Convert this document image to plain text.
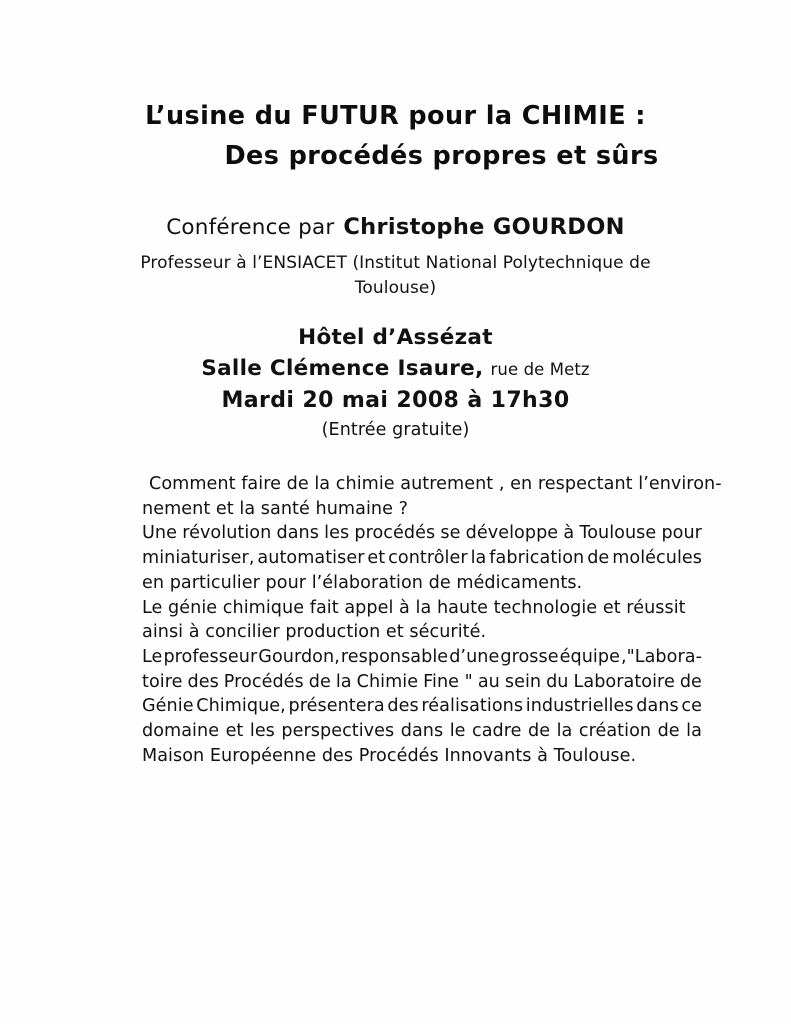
L’usine du FUTUR pour la CHIMIE :
Des procédés propres et sûrs
Conférence par Christophe GOURDON
Professeur à l’ENSIACET (Institut National Polytechnique de
Toulouse)
Hôtel d’Assézat
Salle Clémence Isaure, rue de Metz
Mardi 20 mai 2008 à 17h30
(Entrée gratuite)
Comment faire de la chimie autrement , en respectant l’environ-
nement et la santé humaine ?
Une révolution dans les procédés se développe à Toulouse pour
miniaturiser, automatiser et contrôler la fabrication de molécules
en particulier pour l’élaboration de médicaments.
Le génie chimique fait appel à la haute technologie et réussit
ainsi à concilier production et sécurité.
Le professeur Gourdon, responsable d’une grosse équipe ,"Labora-
toire des Procédés de la Chimie Fine " au sein du Laboratoire de
Génie Chimique, présentera des réalisations industrielles dans ce
domaine et les perspectives dans le cadre de la création de la
Maison Européenne des Procédés Innovants à Toulouse.
